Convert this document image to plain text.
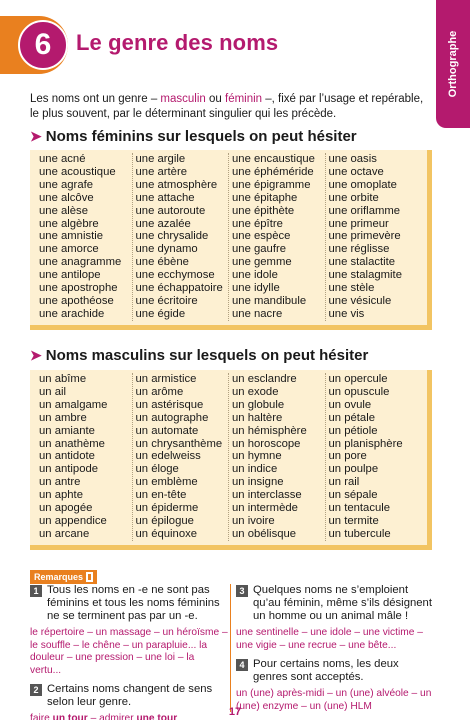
6	Le genre des noms	Orthographe

Les noms ont un genre – masculin ou féminin –, fixé par l’usage et repérable, le plus souvent, par le déterminant singulier qui les précède.

➤ Noms féminins sur lesquels on peut hésiter
une acné
une acoustique
une agrafe
une alcôve
une alèse
une algèbre
une amnistie
une amorce
une anagramme
une antilope
une apostrophe
une apothéose
une arachide
une argile
une artère
une atmosphère
une attache
une autoroute
une azalée
une chrysalide
une dynamo
une ébène
une ecchymose
une échappatoire
une écritoire
une égide
une encaustique
une éphéméride
une épigramme
une épitaphe
une épithète
une épître
une espèce
une gaufre
une gemme
une idole
une idylle
une mandibule
une nacre
une oasis
une octave
une omoplate
une orbite
une oriflamme
une primeur
une primevère
une réglisse
une stalactite
une stalagmite
une stèle
une vésicule
une vis
➤ Noms masculins sur lesquels on peut hésiter
un abîme
un ail
un amalgame
un ambre
un amiante
un anathème
un antidote
un antipode
un antre
un aphte
un apogée
un appendice
un arcane
un armistice
un arôme
un astérisque
un autographe
un automate
un chrysanthème
un edelweiss
un éloge
un emblème
un en-tête
un épiderme
un épilogue
un équinoxe
un esclandre
un exode
un globule
un haltère
un hémisphère
un horoscope
un hymne
un indice
un insigne
un interclasse
un intermède
un ivoire
un obélisque
un opercule
un opuscule
un ovule
un pétale
un pétiole
un planisphère
un pore
un poulpe
un rail
un sépale
un tentacule
un termite
un tubercule
Remarques
1 Tous les noms en -e ne sont pas féminins et tous les noms féminins ne se terminent pas par un -e.

le répertoire – un massage – un héroïsme – le souffle – le chêne – un parapluie... la douleur – une pression – une loi – la vertu...

2 Certains noms changent de sens selon leur genre.

faire un tour – admirer une tour

3 Quelques noms ne s’emploient qu’au féminin, même s’ils désignent un homme ou un animal mâle !

une sentinelle – une idole – une victime – une vigie – une recrue – une bête...

4 Pour certains noms, les deux genres sont acceptés.

un (une) après-midi – un (une) alvéole – un (une) enzyme – un (une) HLM

17
